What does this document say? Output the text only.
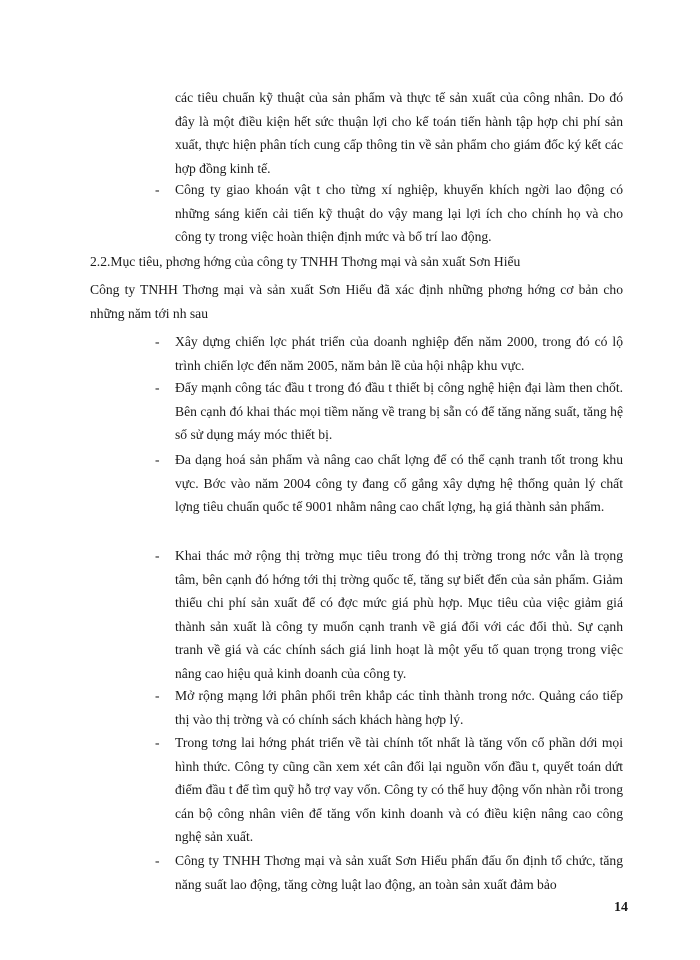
các tiêu chuẩn kỹ thuật của sản phẩm và thực tế sản xuất của công nhân. Do đó đây là một điều kiện hết sức thuận lợi cho kế toán tiến hành tập hợp chi phí sản xuất, thực hiện phân tích cung cấp thông tin về sản phẩm cho giám đốc ký kết các hợp đồng kinh tế.

-	Công ty giao khoán vật t cho từng xí nghiệp, khuyến khích ngời lao động có những sáng kiến cải tiến kỹ thuật do vậy mang lại lợi ích cho chính họ và cho công ty trong việc hoàn thiện định mức và bố trí lao động.

2.2.Mục tiêu, phơng hớng của công ty TNHH Thơng mại và sản xuất Sơn Hiếu

Công ty TNHH Thơng mại và sản xuất Sơn Hiếu đã xác định những phơng hớng cơ bản cho những năm tới nh sau

-	Xây dựng chiến lợc phát triển của doanh nghiệp đến năm 2000, trong đó có lộ trình chiến lợc đến năm 2005, năm bản lề của hội nhập khu vực.

-	Đẩy mạnh công tác đầu t trong đó đầu t thiết bị công nghệ hiện đại làm then chốt. Bên cạnh đó khai thác mọi tiềm năng về trang bị sẵn có để tăng năng suất, tăng hệ số sử dụng máy móc thiết bị.

-	Đa dạng hoá sản phẩm và nâng cao chất lợng để có thể cạnh tranh tốt trong khu vực. Bớc vào năm 2004 công ty đang cố gắng xây dựng hệ thống quản lý chất lợng tiêu chuẩn quốc tế 9001 nhằm nâng cao chất lợng, hạ giá thành sản phẩm.

-	Khai thác mở rộng thị trờng mục tiêu trong đó thị trờng trong nớc vẫn là trọng tâm, bên cạnh đó hớng tới thị trờng quốc tế, tăng sự biết đến của sản phẩm. Giảm thiểu chi phí sản xuất để có đợc mức giá phù hợp. Mục tiêu của việc giảm giá thành sản xuất là công ty muốn cạnh tranh về giá đối với các đối thủ. Sự cạnh tranh về giá và các chính sách giá linh hoạt là một yếu tố quan trọng trong việc nâng cao hiệu quả kinh doanh của công ty.

-	Mở rộng mạng lới phân phối trên khắp các tỉnh thành trong nớc. Quảng cáo tiếp thị vào thị trờng và có chính sách khách hàng hợp lý.

-	Trong tơng lai hớng phát triển về tài chính tốt nhất là tăng vốn cổ phần dới mọi hình thức. Công ty cũng cần xem xét cân đối lại nguồn vốn đầu t, quyết toán dứt điểm đầu t để tìm quỹ hỗ trợ vay vốn. Công ty có thể huy động vốn nhàn rỗi trong cán bộ công nhân viên để tăng vốn kinh doanh và có điều kiện nâng cao công nghệ sản xuất.

-	Công ty TNHH Thơng mại và sản xuất Sơn Hiếu phấn đấu ổn định tổ chức, tăng năng suất lao động, tăng cờng luật lao động, an toàn sản xuất đảm bảo

14
